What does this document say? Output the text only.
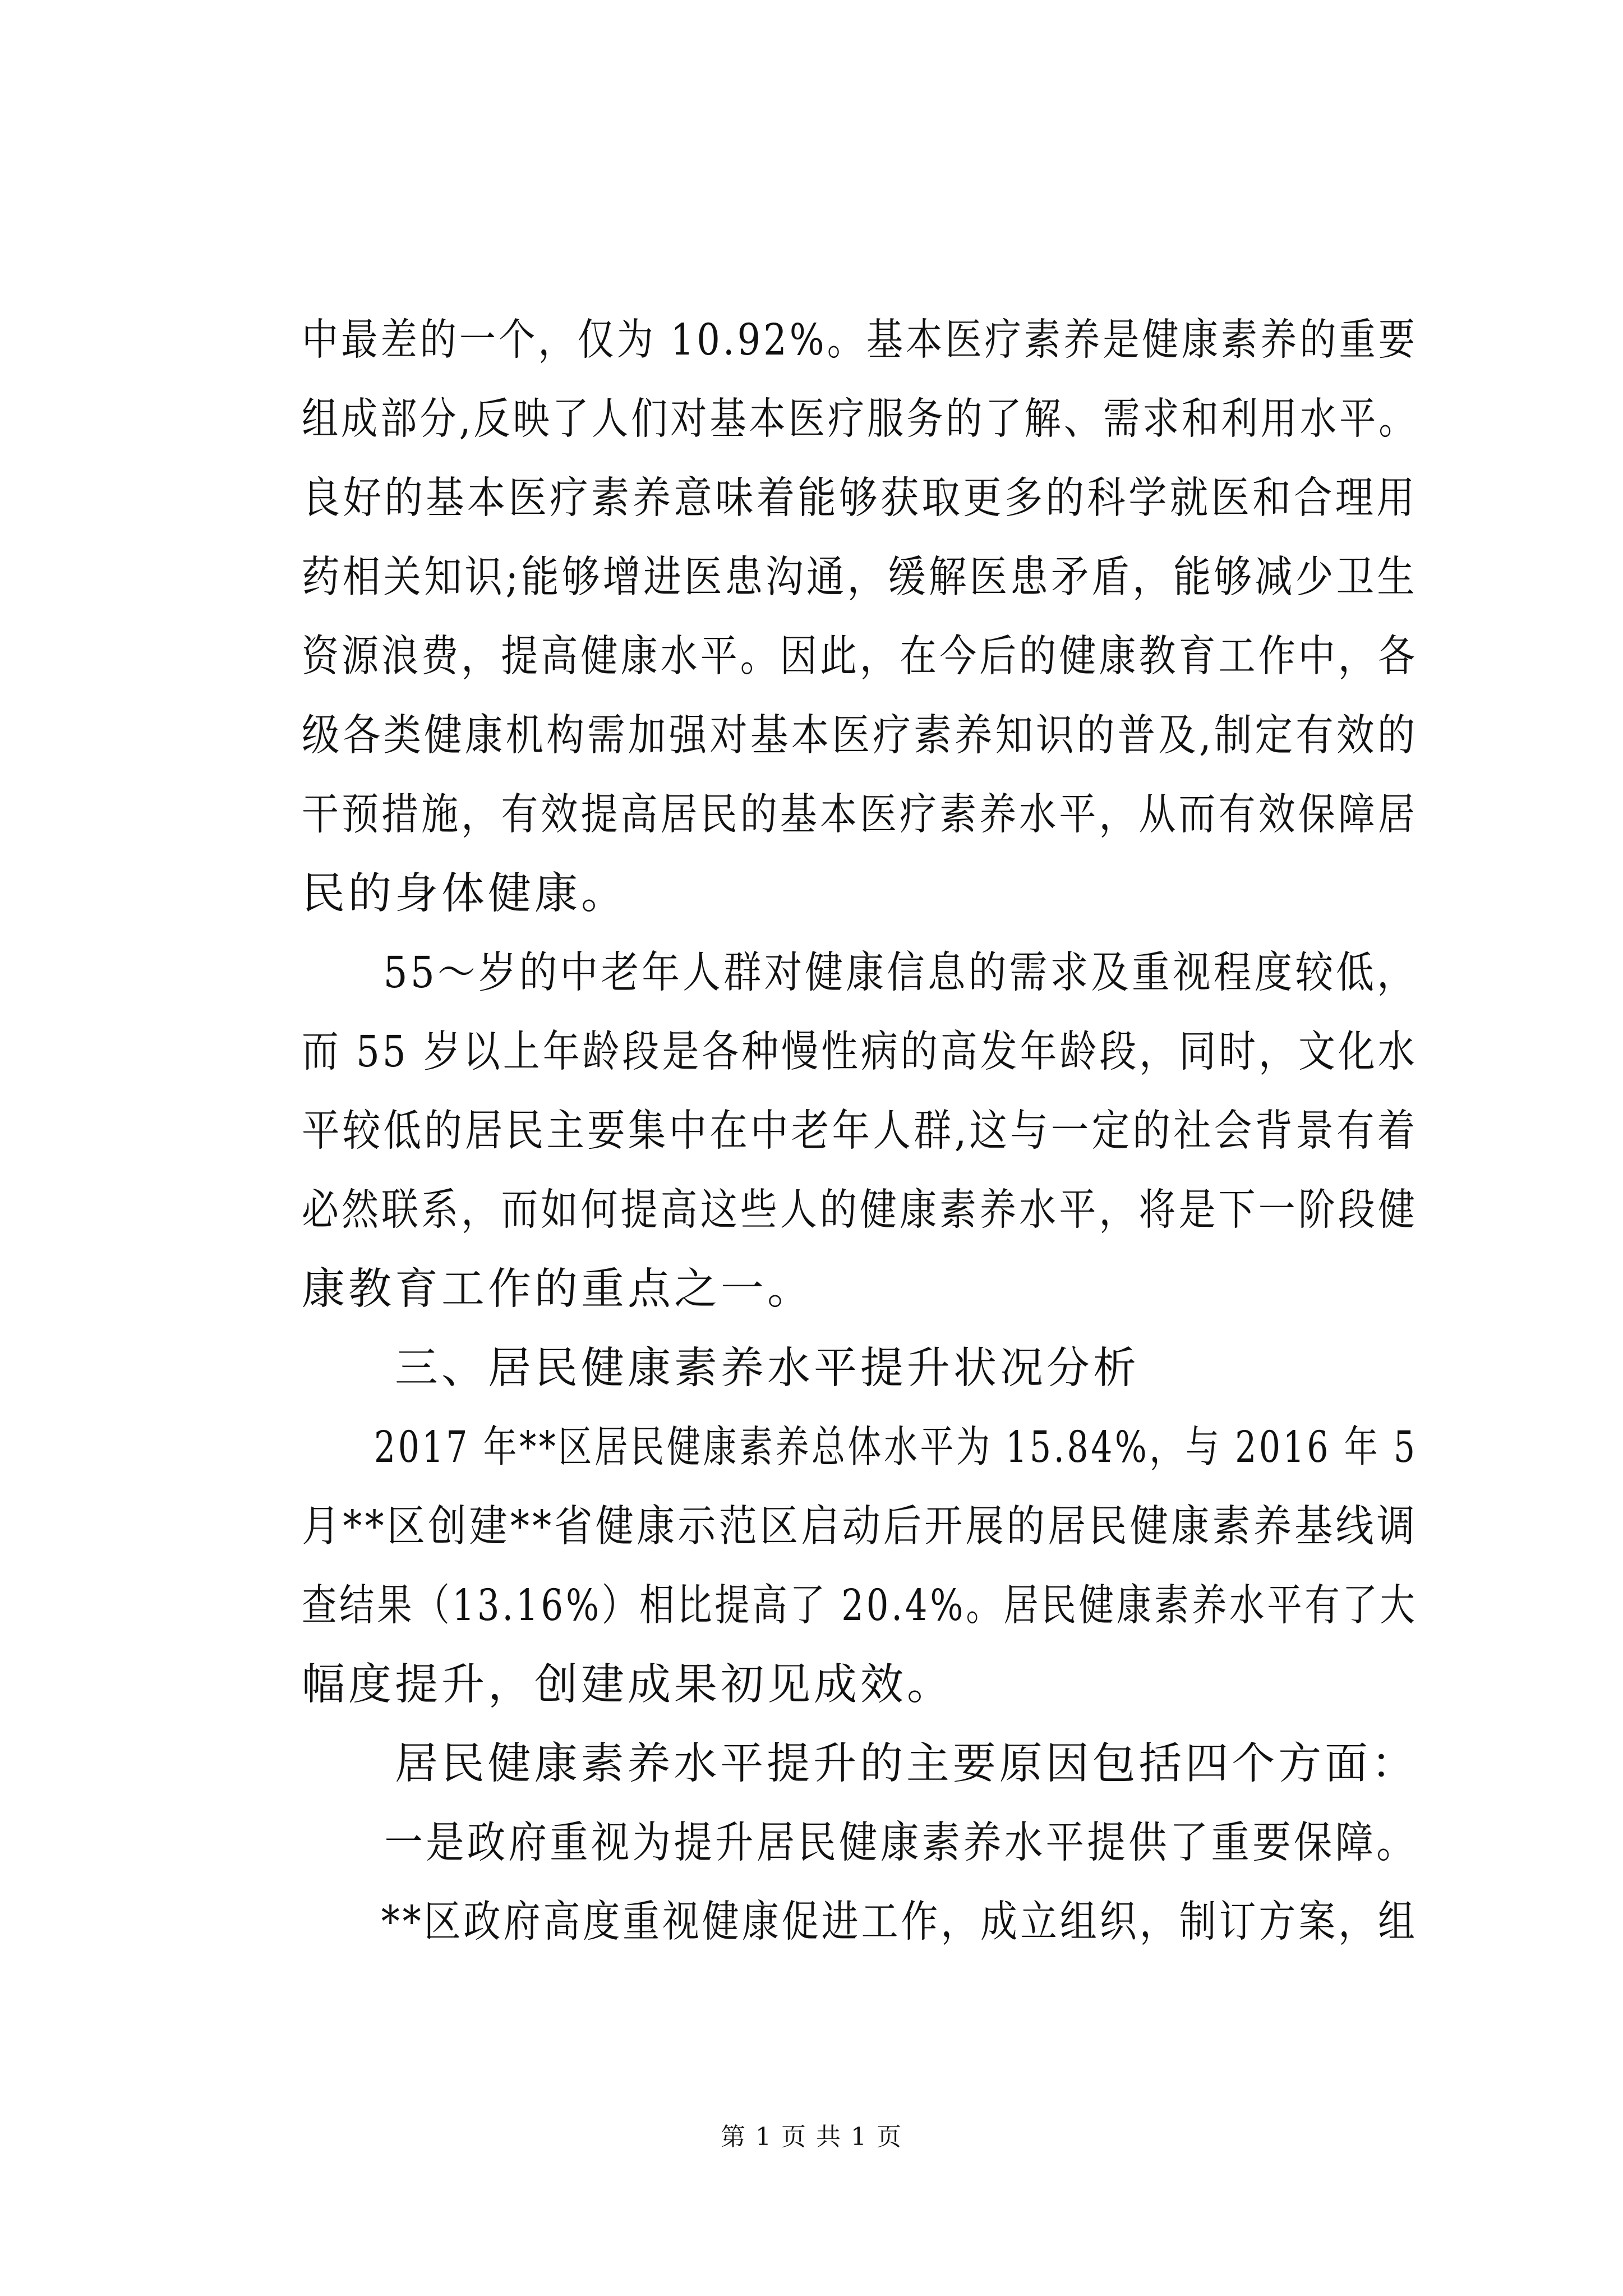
中最差的一个，仅为 10.92%。基本医疗素养是健康素养的重要
组成部分,反映了人们对基本医疗服务的了解、需求和利用水平。
良好的基本医疗素养意味着能够获取更多的科学就医和合理用
药相关知识;能够增进医患沟通，缓解医患矛盾，能够减少卫生
资源浪费，提高健康水平。因此，在今后的健康教育工作中，各
级各类健康机构需加强对基本医疗素养知识的普及,制定有效的
干预措施，有效提高居民的基本医疗素养水平，从而有效保障居
民的身体健康。
55～岁的中老年人群对健康信息的需求及重视程度较低，
而 55 岁以上年龄段是各种慢性病的高发年龄段，同时，文化水
平较低的居民主要集中在中老年人群,这与一定的社会背景有着
必然联系，而如何提高这些人的健康素养水平，将是下一阶段健
康教育工作的重点之一。
三、居民健康素养水平提升状况分析
2017 年**区居民健康素养总体水平为 15.84%，与 2016 年 5
月**区创建**省健康示范区启动后开展的居民健康素养基线调
查结果（13.16%）相比提高了 20.4%。居民健康素养水平有了大
幅度提升，创建成果初见成效。
居民健康素养水平提升的主要原因包括四个方面：
一是政府重视为提升居民健康素养水平提供了重要保障。
**区政府高度重视健康促进工作，成立组织，制订方案，组
第 1 页 共 1 页
